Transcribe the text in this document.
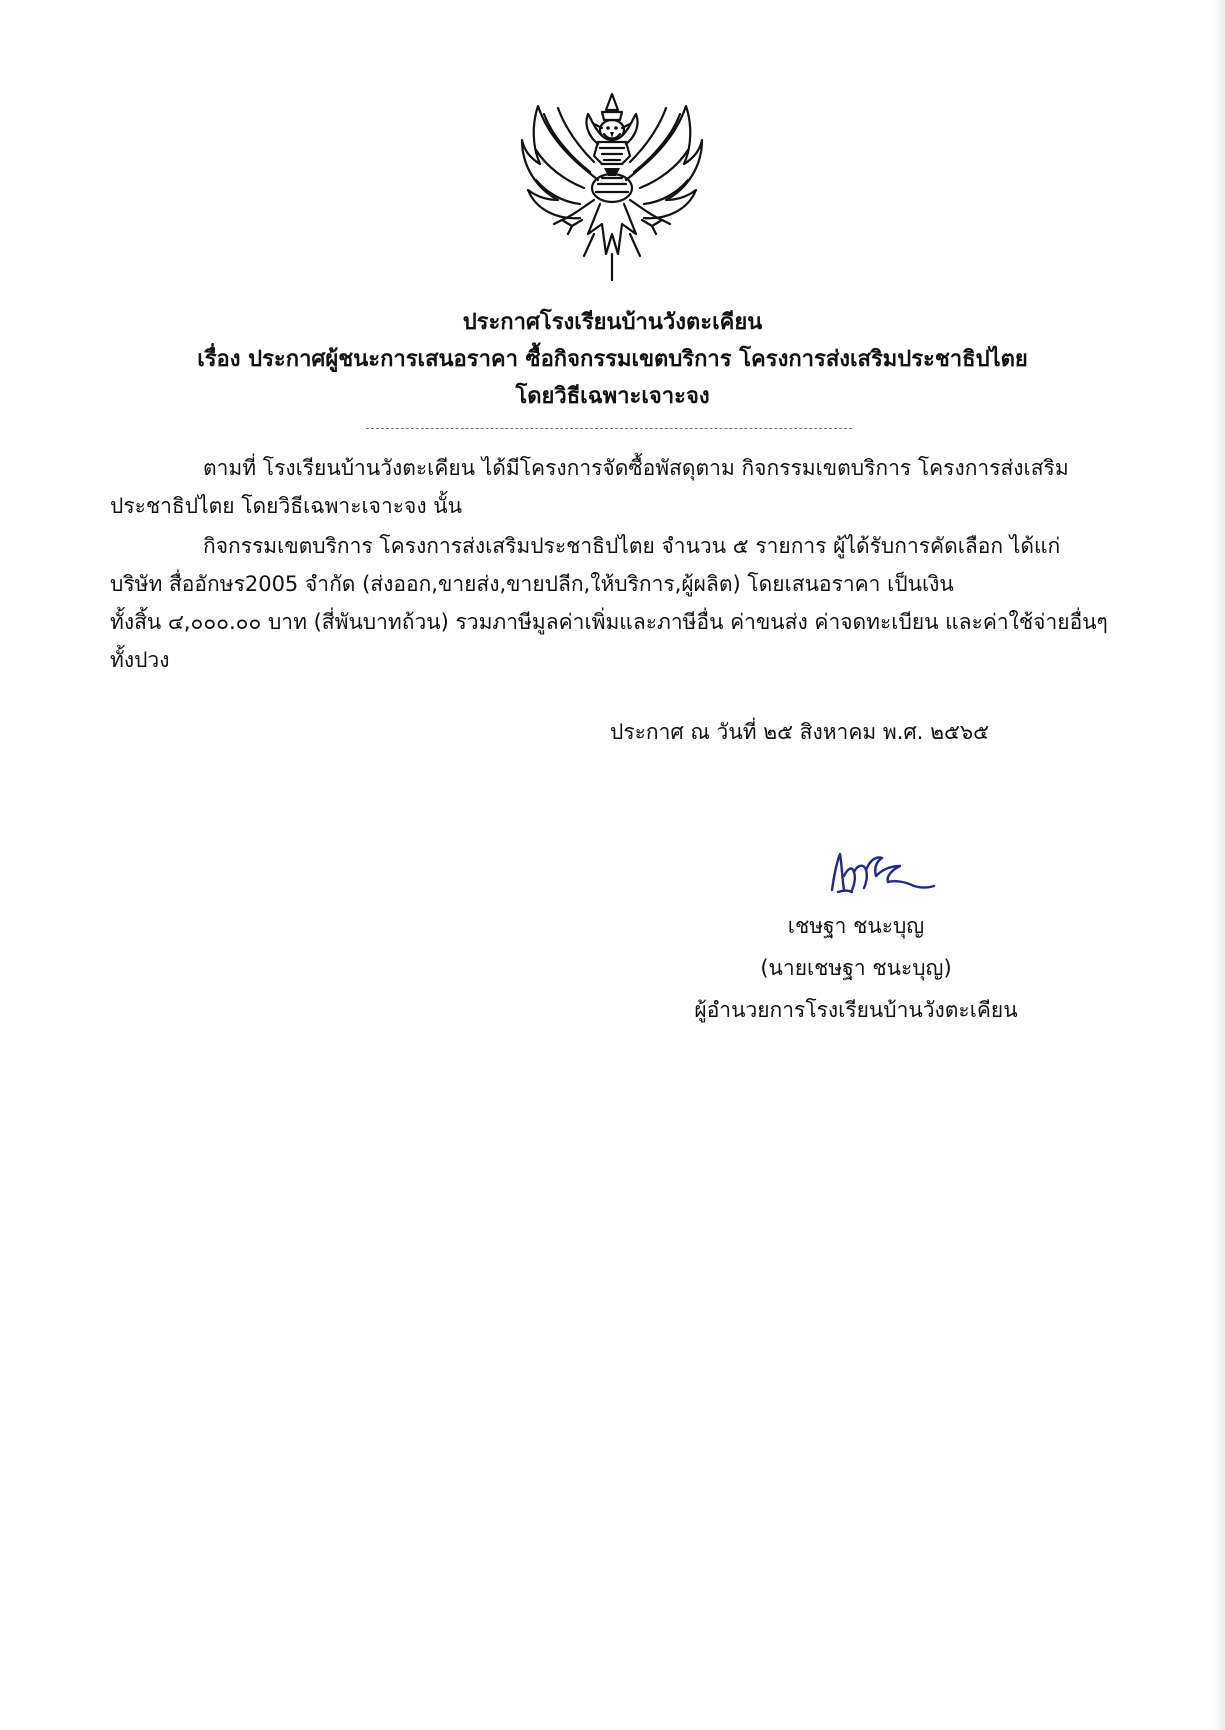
ประกาศโรงเรียนบ้านวังตะเคียน
เรื่อง ประกาศผู้ชนะการเสนอราคา ซื้อกิจกรรมเขตบริการ โครงการส่งเสริมประชาธิปไตย
โดยวิธีเฉพาะเจาะจง
ตามที่ โรงเรียนบ้านวังตะเคียน ได้มีโครงการจัดซื้อพัสดุตาม กิจกรรมเขตบริการ โครงการส่งเสริม
ประชาธิปไตย โดยวิธีเฉพาะเจาะจง นั้น
กิจกรรมเขตบริการ โครงการส่งเสริมประชาธิปไตย จำนวน ๕ รายการ ผู้ได้รับการคัดเลือก ได้แก่
บริษัท สื่ออักษร2005 จำกัด (ส่งออก,ขายส่ง,ขายปลีก,ให้บริการ,ผู้ผลิต) โดยเสนอราคา เป็นเงิน
ทั้งสิ้น ๔,๐๐๐.๐๐ บาท (สี่พันบาทถ้วน) รวมภาษีมูลค่าเพิ่มและภาษีอื่น ค่าขนส่ง ค่าจดทะเบียน และค่าใช้จ่ายอื่นๆ
ทั้งปวง
ประกาศ ณ วันที่ ๒๕ สิงหาคม พ.ศ. ๒๕๖๕
เชษฐา ชนะบุญ
(นายเชษฐา ชนะบุญ)
ผู้อำนวยการโรงเรียนบ้านวังตะเคียน
